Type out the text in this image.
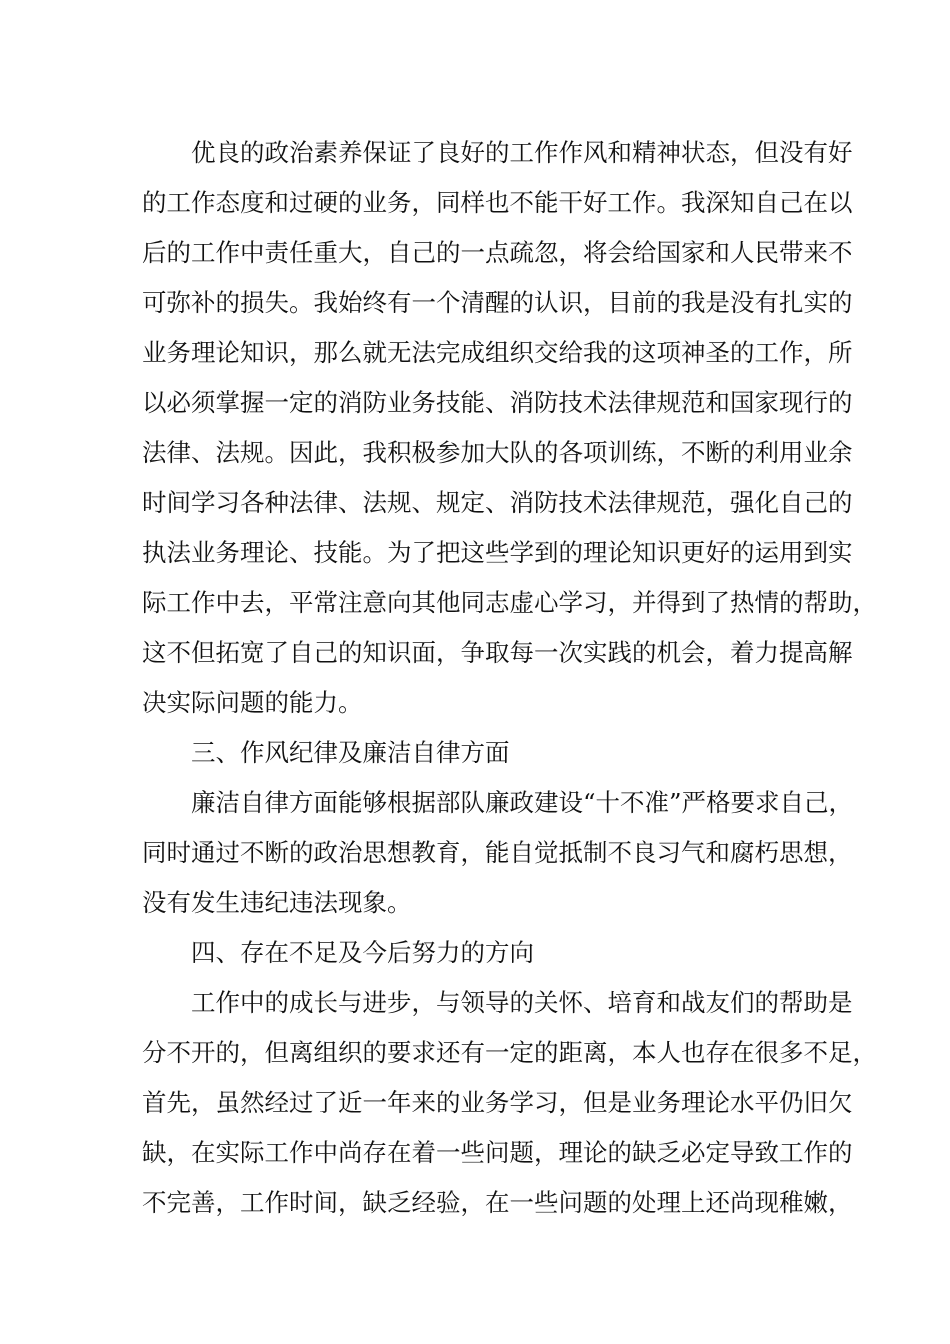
优良的政治素养保证了良好的工作作风和精神状态，但没有好
的工作态度和过硬的业务，同样也不能干好工作。我深知自己在以
后的工作中责任重大，自己的一点疏忽，将会给国家和人民带来不
可弥补的损失。我始终有一个清醒的认识，目前的我是没有扎实的
业务理论知识，那么就无法完成组织交给我的这项神圣的工作，所
以必须掌握一定的消防业务技能、消防技术法律规范和国家现行的
法律、法规。因此，我积极参加大队的各项训练，不断的利用业余
时间学习各种法律、法规、规定、消防技术法律规范，强化自己的
执法业务理论、技能。为了把这些学到的理论知识更好的运用到实
际工作中去，平常注意向其他同志虚心学习，并得到了热情的帮助，
这不但拓宽了自己的知识面，争取每一次实践的机会，着力提高解
决实际问题的能力。
三、作风纪律及廉洁自律方面
廉洁自律方面能够根据部队廉政建设“十不准”严格要求自己，
同时通过不断的政治思想教育，能自觉抵制不良习气和腐朽思想，
没有发生违纪违法现象。
四、存在不足及今后努力的方向
工作中的成长与进步，与领导的关怀、培育和战友们的帮助是
分不开的，但离组织的要求还有一定的距离，本人也存在很多不足，
首先，虽然经过了近一年来的业务学习，但是业务理论水平仍旧欠
缺，在实际工作中尚存在着一些问题，理论的缺乏必定导致工作的
不完善，工作时间，缺乏经验，在一些问题的处理上还尚现稚嫩，
